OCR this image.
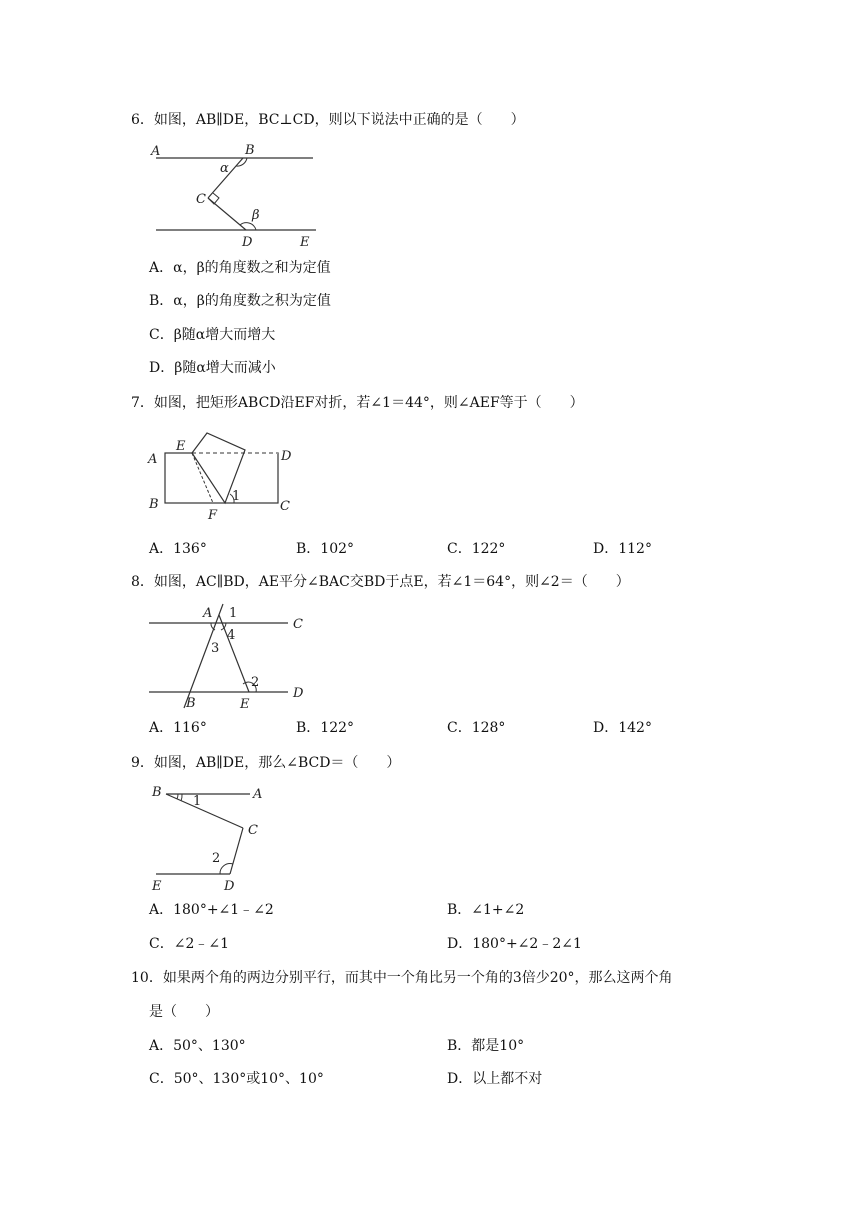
6．如图，AB∥DE，BC⊥CD，则以下说法中正确的是（　　）
A	B
C
D	E
α
β
A．α，β的角度数之和为定值
B．α，β的角度数之积为定值
C．β随α增大而增大
D．β随α增大而减小
7．如图，把矩形ABCD沿EF对折，若∠1＝44°，则∠AEF等于（　　）
A
B	C
D
E
F
1
A．136°	B．102°	C．122°	D．112°
8．如图，AC∥BD，AE平分∠BAC交BD于点E，若∠1＝64°，则∠2＝（　　）
A
B
C
D
E
1
2
3
4
A．116°	B．122°	C．128°	D．142°
9．如图，AB∥DE，那么∠BCD＝（　　）
B	A
C
D
E
1
2
A．180°+∠1﹣∠2	B．∠1+∠2
C．∠2﹣∠1	D．180°+∠2﹣2∠1
10．如果两个角的两边分别平行，而其中一个角比另一个角的3倍少20°，那么这两个角
是（　　）
A．50°、130°	B．都是10°
C．50°、130°或10°、10°	D．以上都不对
